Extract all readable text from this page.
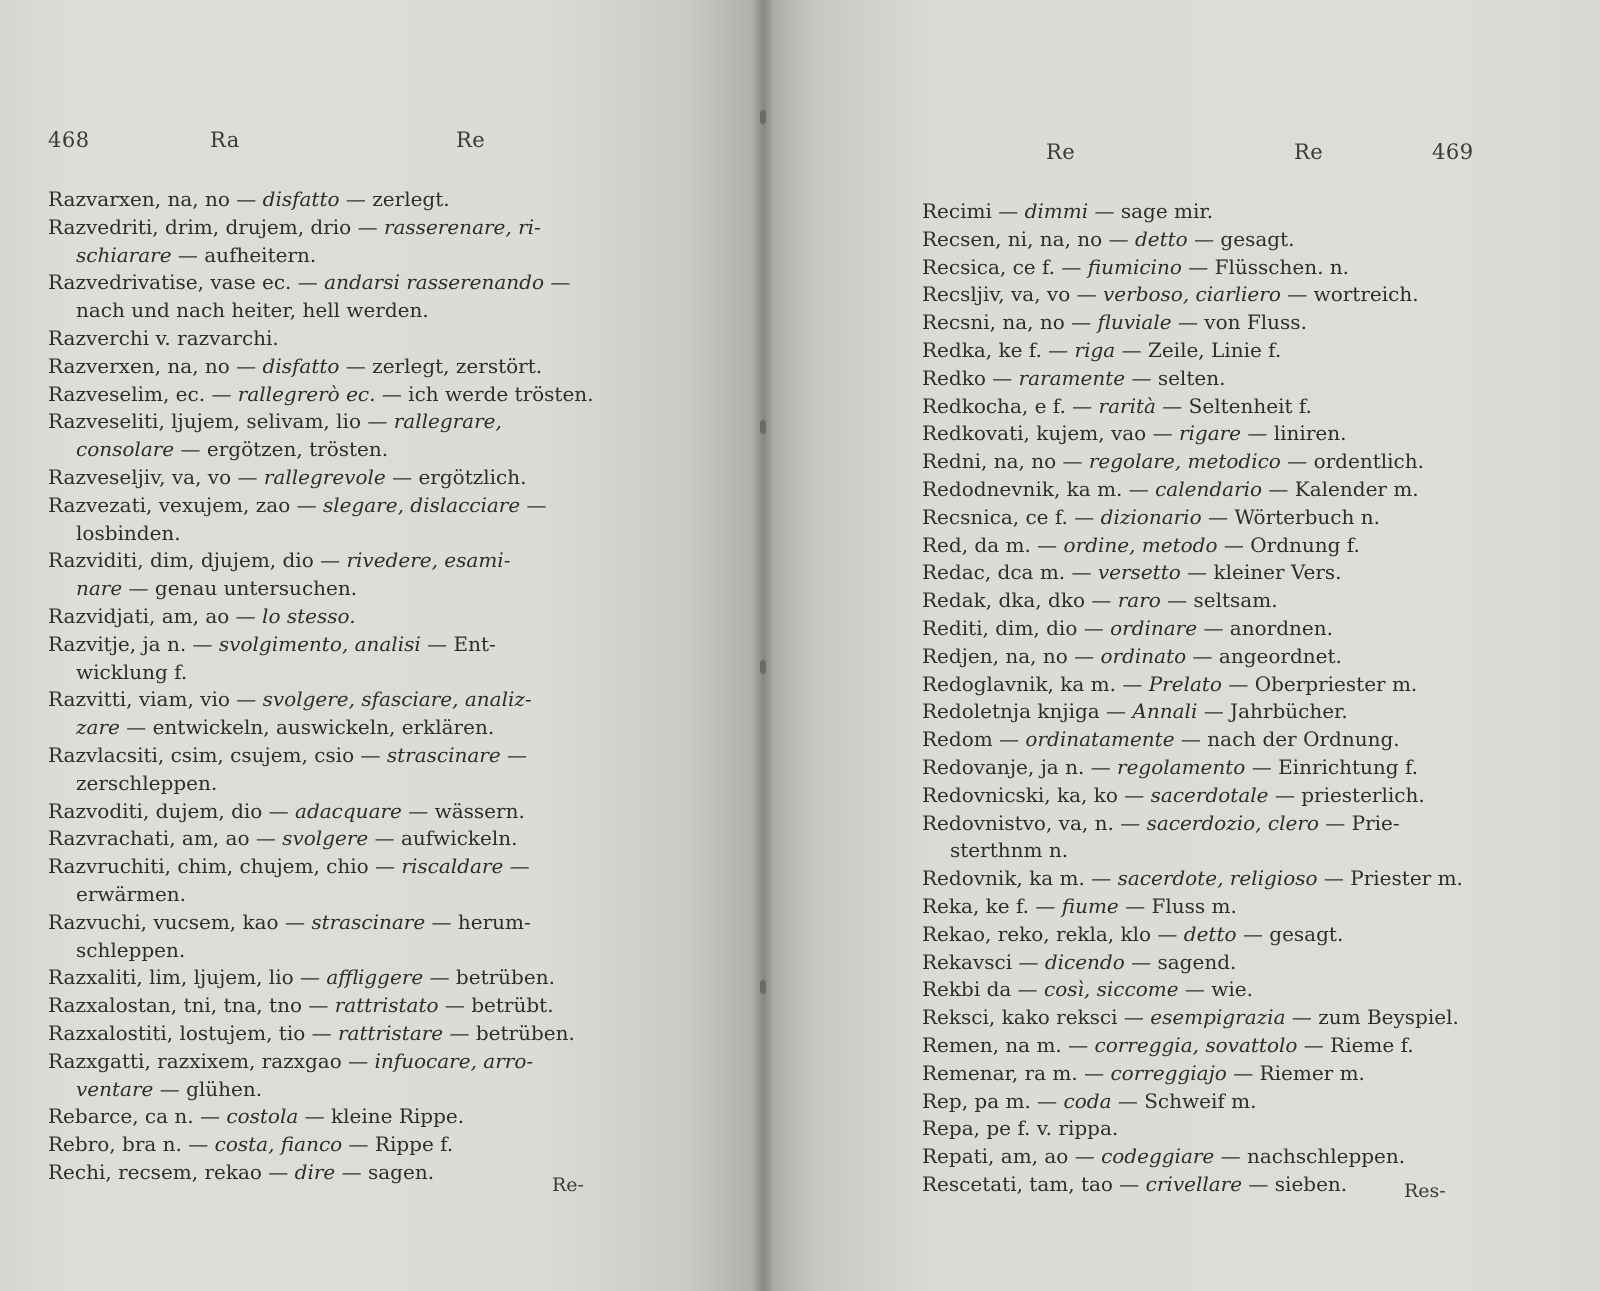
468	Ra	Re
Razvarxen, na, no — disfatto — zerlegt.
Razvedriti, drim, drujem, drio — rasserenare, ri-
schiarare — aufheitern.
Razvedrivatise, vase ec. — andarsi rasserenando —
nach und nach heiter, hell werden.
Razverchi v. razvarchi.
Razverxen, na, no — disfatto — zerlegt, zerstört.
Razveselim, ec. — rallegrerò ec. — ich werde trösten.
Razveseliti, ljujem, selivam, lio — rallegrare,
consolare — ergötzen, trösten.
Razveseljiv, va, vo — rallegrevole — ergötzlich.
Razvezati, vexujem, zao — slegare, dislacciare —
losbinden.
Razviditi, dim, djujem, dio — rivedere, esami-
nare — genau untersuchen.
Razvidjati, am, ao — lo stesso.
Razvitje, ja n. — svolgimento, analisi — Ent-
wicklung f.
Razvitti, viam, vio — svolgere, sfasciare, analiz-
zare — entwickeln, auswickeln, erklären.
Razvlacsiti, csim, csujem, csio — strascinare —
zerschleppen.
Razvoditi, dujem, dio — adacquare — wässern.
Razvrachati, am, ao — svolgere — aufwickeln.
Razvruchiti, chim, chujem, chio — riscaldare —
erwärmen.
Razvuchi, vucsem, kao — strascinare — herum-
schleppen.
Razxaliti, lim, ljujem, lio — affliggere — betrüben.
Razxalostan, tni, tna, tno — rattristato — betrübt.
Razxalostiti, lostujem, tio — rattristare — betrüben.
Razxgatti, razxixem, razxgao — infuocare, arro-
ventare — glühen.
Rebarce, ca n. — costola — kleine Rippe.
Rebro, bra n. — costa, fianco — Rippe f.
Rechi, recsem, rekao — dire — sagen.
Re-
Re	Re	469
Res-
Recimi — dimmi — sage mir.
Recsen, ni, na, no — detto — gesagt.
Recsica, ce f. — fiumicino — Flüsschen. n.
Recsljiv, va, vo — verboso, ciarliero — wortreich.
Recsni, na, no — fluviale — von Fluss.
Redka, ke f. — riga — Zeile, Linie f.
Redko — raramente — selten.
Redkocha, e f. — rarità — Seltenheit f.
Redkovati, kujem, vao — rigare — liniren.
Redni, na, no — regolare, metodico — ordentlich.
Redodnevnik, ka m. — calendario — Kalender m.
Recsnica, ce f. — dizionario — Wörterbuch n.
Red, da m. — ordine, metodo — Ordnung f.
Redac, dca m. — versetto — kleiner Vers.
Redak, dka, dko — raro — seltsam.
Rediti, dim, dio — ordinare — anordnen.
Redjen, na, no — ordinato — angeordnet.
Redoglavnik, ka m. — Prelato — Oberpriester m.
Redoletnja knjiga — Annali — Jahrbücher.
Redom — ordinatamente — nach der Ordnung.
Redovanje, ja n. — regolamento — Einrichtung f.
Redovnicski, ka, ko — sacerdotale — priesterlich.
Redovnistvo, va, n. — sacerdozio, clero — Prie-
sterthnm n.
Redovnik, ka m. — sacerdote, religioso — Priester m.
Reka, ke f. — fiume — Fluss m.
Rekao, reko, rekla, klo — detto — gesagt.
Rekavsci — dicendo — sagend.
Rekbi da — così, siccome — wie.
Reksci, kako reksci — esempigrazia — zum Beyspiel.
Remen, na m. — correggia, sovattolo — Rieme f.
Remenar, ra m. — correggiajo — Riemer m.
Rep, pa m. — coda — Schweif m.
Repa, pe f. v. rippa.
Repati, am, ao — codeggiare — nachschleppen.
Rescetati, tam, tao — crivellare — sieben.
